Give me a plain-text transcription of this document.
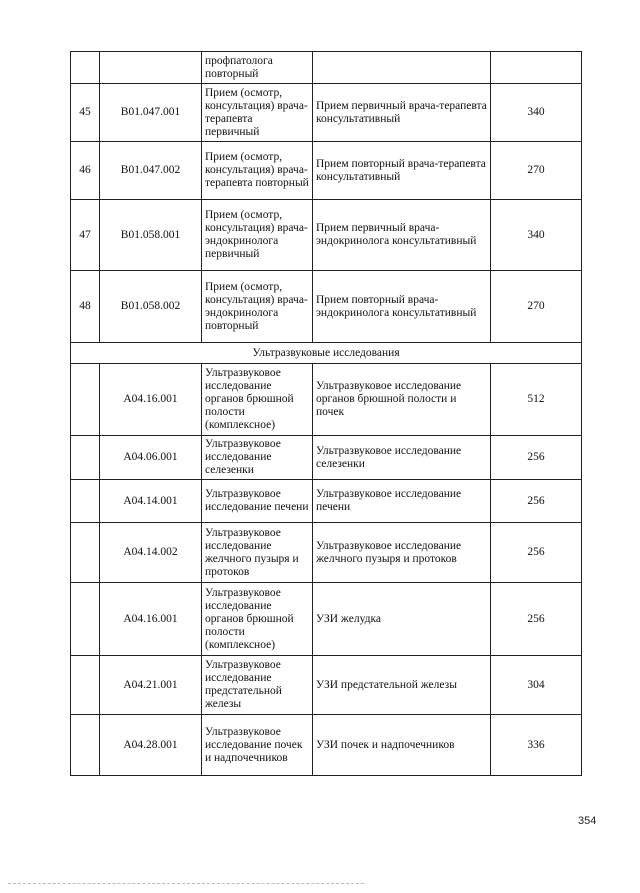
		профпатолога повторный		
45	B01.047.001	Прием (осмотр, консультация) врача-терапевта первичный	Прием первичный врача-терапевта консультативный	340
46	B01.047.002	Прием (осмотр, консультация) врача-терапевта повторный	Прием повторный врача-терапевта консультативный	270
47	B01.058.001	Прием (осмотр, консультация) врача-эндокринолога первичный	Прием первичный врача-эндокринолога консультативный	340
48	B01.058.002	Прием (осмотр, консультация) врача-эндокринолога повторный	Прием повторный врача-эндокринолога консультативный	270
Ультразвуковые исследования				
	A04.16.001	Ультразвуковое исследование органов брюшной полости (комплексное)	Ультразвуковое исследование органов брюшной полости и почек	512
	A04.06.001	Ультразвуковое исследование селезенки	Ультразвуковое исследование селезенки	256
	A04.14.001	Ультразвуковое исследование печени	Ультразвуковое исследование печени	256
	A04.14.002	Ультразвуковое исследование желчного пузыря и протоков	Ультразвуковое исследование желчного пузыря и протоков	256
	A04.16.001	Ультразвуковое исследование органов брюшной полости (комплексное)	УЗИ желудка	256
	A04.21.001	Ультразвуковое исследование предстательной железы	УЗИ предстательной железы	304
	A04.28.001	Ультразвуковое исследование почек и надпочечников	УЗИ почек и надпочечников	336
354
